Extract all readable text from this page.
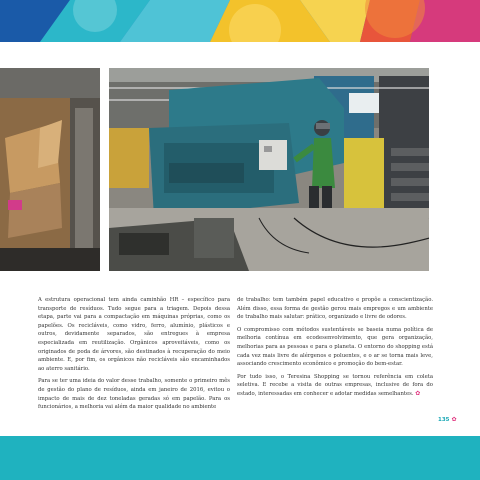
A estrutura operacional tem ainda caminhão HR – específico para transporte de resíduos. Tudo segue para a triagem. Depois dessa etapa, parte vai para a compactação em máquinas próprias, como os papelões. Os recicláveis, como vidro, ferro, alumínio, plásticos e outros, devidamente separados, são entregues à empresa especializada em reutilização. Orgânicos aproveitáveis, como os originados de poda de árvores, são destinados à recuperação do meio ambiente. E, por fim, os orgânicos não recicláveis são encaminhados ao aterro sanitário.

Para se ter uma ideia do valor desse trabalho, somente o primeiro mês de gestão do plano de resíduos, ainda em janeiro de 2016, evitou o impacto de mais de dez toneladas geradas só em papelão. Para os funcionários, a melhoria vai além da maior qualidade no ambiente

de trabalho: tem também papel educativo e propõe a conscientização. Além disso, essa forma de gestão gerou mais empregos e um ambiente de trabalho mais salutar: prático, organizado e livre de odores.

O compromisso com métodos sustentáveis se baseia numa política de melhoria contínua em ecodesenvolvimento, que gera organização, melhorias para as pessoas e para o planeta. O entorno do shopping está cada vez mais livre de alérgenos e poluentes, e o ar se torna mais leve, associando crescimento econômico e promoção do bem-estar.

Por tudo isso, o Teresina Shopping se tornou referência em coleta seletiva. E recebe a visita de outras empresas, inclusive de fora do estado, interessadas em conhecer e adotar medidas semelhantes. ✿

135 ✿
